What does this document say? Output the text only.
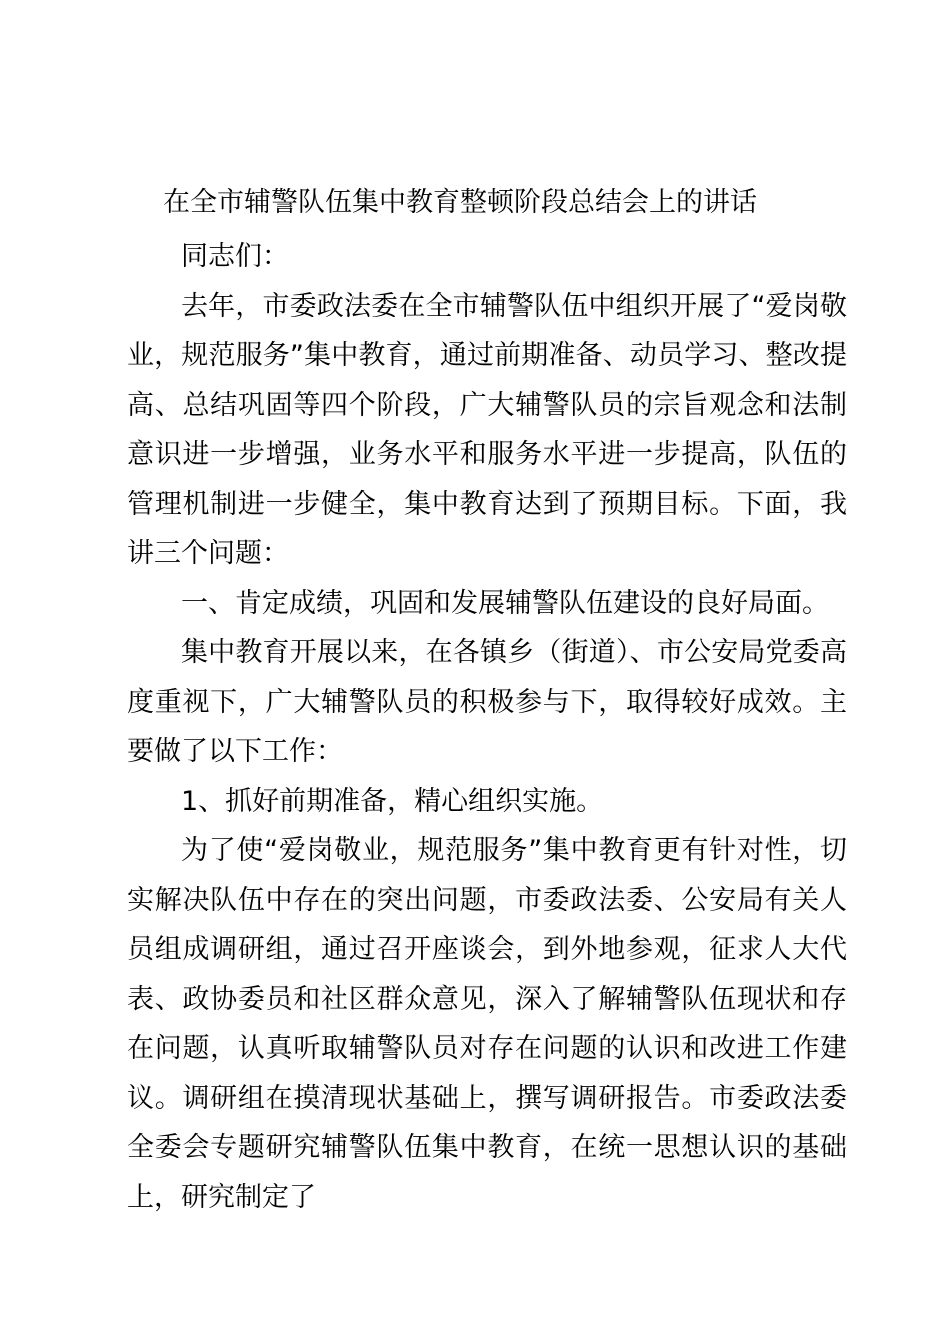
在全市辅警队伍集中教育整顿阶段总结会上的讲话

同志们：

去年，市委政法委在全市辅警队伍中组织开展了“爱岗敬业，规范服务”集中教育，通过前期准备、动员学习、整改提高、总结巩固等四个阶段，广大辅警队员的宗旨观念和法制意识进一步增强，业务水平和服务水平进一步提高，队伍的管理机制进一步健全，集中教育达到了预期目标。下面，我讲三个问题：

一、肯定成绩，巩固和发展辅警队伍建设的良好局面。

集中教育开展以来，在各镇乡（街道）、市公安局党委高度重视下，广大辅警队员的积极参与下，取得较好成效。主要做了以下工作：

1、抓好前期准备，精心组织实施。

为了使“爱岗敬业，规范服务”集中教育更有针对性，切实解决队伍中存在的突出问题，市委政法委、公安局有关人员组成调研组，通过召开座谈会，到外地参观，征求人大代表、政协委员和社区群众意见，深入了解辅警队伍现状和存在问题，认真听取辅警队员对存在问题的认识和改进工作建议。调研组在摸清现状基础上，撰写调研报告。市委政法委全委会专题研究辅警队伍集中教育，在统一思想认识的基础上，研究制定了
